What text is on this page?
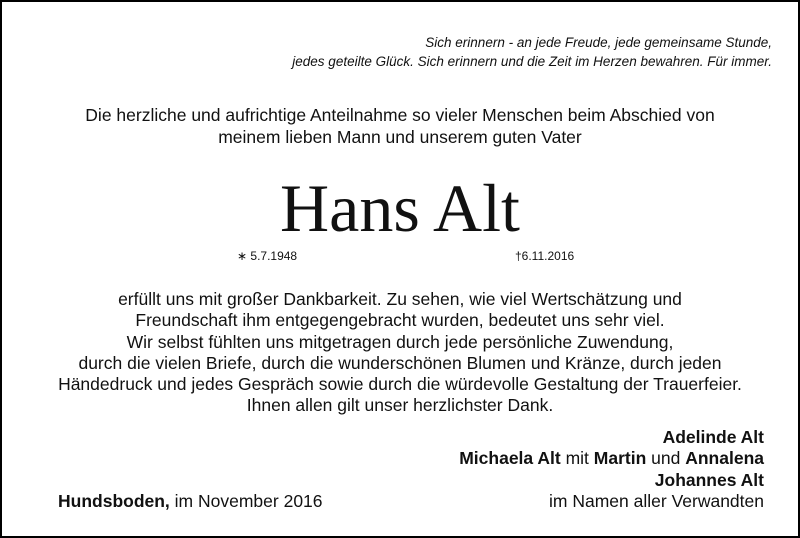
Sich erinnern - an jede Freude, jede gemeinsame Stunde,
jedes geteilte Glück. Sich erinnern und die Zeit im Herzen bewahren. Für immer.
Die herzliche und aufrichtige Anteilnahme so vieler Menschen beim Abschied von
meinem lieben Mann und unserem guten Vater
Hans Alt
∗ 5.7.1948	†6.11.2016
erfüllt uns mit großer Dankbarkeit. Zu sehen, wie viel Wertschätzung und
Freundschaft ihm entgegengebracht wurden, bedeutet uns sehr viel.
Wir selbst fühlten uns mitgetragen durch jede persönliche Zuwendung,
durch die vielen Briefe, durch die wunderschönen Blumen und Kränze, durch jeden
Händedruck und jedes Gespräch sowie durch die würdevolle Gestaltung der Trauerfeier.
Ihnen allen gilt unser herzlichster Dank.
Adelinde Alt
Michaela Alt mit Martin und Annalena
Johannes Alt
im Namen aller Verwandten
Hundsboden, im November 2016
